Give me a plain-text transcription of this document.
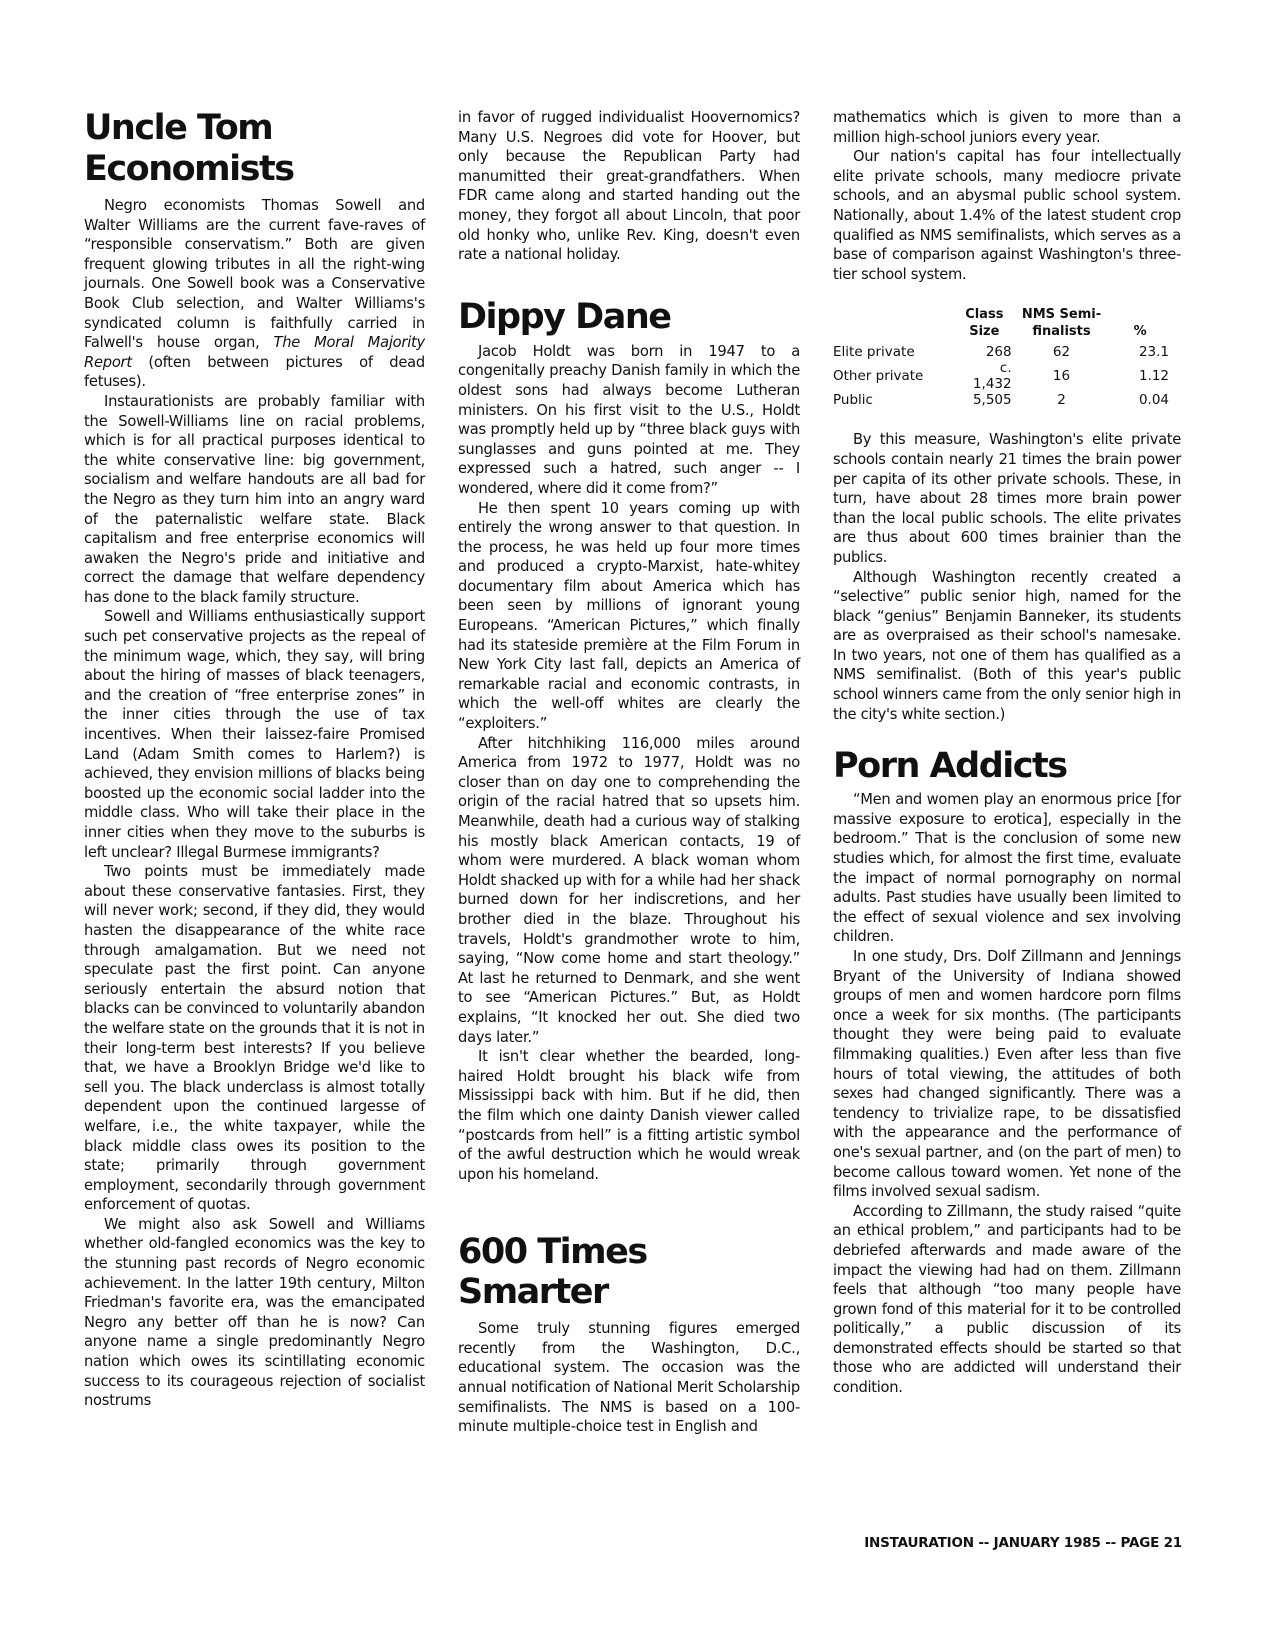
Uncle Tom
Economists

Negro economists Thomas Sowell and Walter Williams are the current fave-raves of “responsible conservatism.” Both are given frequent glowing tributes in all the right-wing journals. One Sowell book was a Conservative Book Club selection, and Walter Williams's syndicated column is faithfully carried in Falwell's house organ, The Moral Majority Report (often between pictures of dead fetuses).

Instaurationists are probably familiar with the Sowell-Williams line on racial problems, which is for all practical purposes identical to the white conservative line: big government, socialism and welfare handouts are all bad for the Negro as they turn him into an angry ward of the paternalistic welfare state. Black capitalism and free enterprise economics will awaken the Negro's pride and initiative and correct the damage that welfare dependency has done to the black family structure.

Sowell and Williams enthusiastically support such pet conservative projects as the repeal of the minimum wage, which, they say, will bring about the hiring of masses of black teenagers, and the creation of “free enterprise zones” in the inner cities through the use of tax incentives. When their laissez-faire Promised Land (Adam Smith comes to Harlem?) is achieved, they envision millions of blacks being boosted up the economic social ladder into the middle class. Who will take their place in the inner cities when they move to the suburbs is left unclear? Illegal Burmese immigrants?

Two points must be immediately made about these conservative fantasies. First, they will never work; second, if they did, they would hasten the disappearance of the white race through amalgamation. But we need not speculate past the first point. Can anyone seriously entertain the absurd notion that blacks can be convinced to voluntarily abandon the welfare state on the grounds that it is not in their long-term best interests? If you believe that, we have a Brooklyn Bridge we'd like to sell you. The black underclass is almost totally dependent upon the continued largesse of welfare, i.e., the white taxpayer, while the black middle class owes its position to the state; primarily through government employment, secondarily through government enforcement of quotas.

We might also ask Sowell and Williams whether old-fangled economics was the key to the stunning past records of Negro economic achievement. In the latter 19th century, Milton Friedman's favorite era, was the emancipated Negro any better off than he is now? Can anyone name a single predominantly Negro nation which owes its scintillating economic success to its courageous rejection of socialist nostrums

in favor of rugged individualist Hoovernomics? Many U.S. Negroes did vote for Hoover, but only because the Republican Party had manumitted their great-grandfathers. When FDR came along and started handing out the money, they forgot all about Lincoln, that poor old honky who, unlike Rev. King, doesn't even rate a national holiday.

Dippy Dane

Jacob Holdt was born in 1947 to a congenitally preachy Danish family in which the oldest sons had always become Lutheran ministers. On his first visit to the U.S., Holdt was promptly held up by “three black guys with sunglasses and guns pointed at me. They expressed such a hatred, such anger -- I wondered, where did it come from?”

He then spent 10 years coming up with entirely the wrong answer to that question. In the process, he was held up four more times and produced a crypto-Marxist, hate-whitey documentary film about America which has been seen by millions of ignorant young Europeans. “American Pictures,” which finally had its stateside première at the Film Forum in New York City last fall, depicts an America of remarkable racial and economic contrasts, in which the well-off whites are clearly the “exploiters.”

After hitchhiking 116,000 miles around America from 1972 to 1977, Holdt was no closer than on day one to comprehending the origin of the racial hatred that so upsets him. Meanwhile, death had a curious way of stalking his mostly black American contacts, 19 of whom were murdered. A black woman whom Holdt shacked up with for a while had her shack burned down for her indiscretions, and her brother died in the blaze. Throughout his travels, Holdt's grandmother wrote to him, saying, “Now come home and start theology.” At last he returned to Denmark, and she went to see “American Pictures.” But, as Holdt explains, “It knocked her out. She died two days later.”

It isn't clear whether the bearded, long-haired Holdt brought his black wife from Mississippi back with him. But if he did, then the film which one dainty Danish viewer called “postcards from hell” is a fitting artistic symbol of the awful destruction which he would wreak upon his homeland.

600 Times Smarter

Some truly stunning figures emerged recently from the Washington, D.C., educational system. The occasion was the annual notification of National Merit Scholarship semifinalists. The NMS is based on a 100-minute multiple-choice test in English and

mathematics which is given to more than a million high-school juniors every year.

Our nation's capital has four intellectually elite private schools, many mediocre private schools, and an abysmal public school system. Nationally, about 1.4% of the latest student crop qualified as NMS semifinalists, which serves as a base of comparison against Washington's three-tier school system.

	Class Size	NMS Semi-finalists	%
Elite private	268	62	23.1
Other private	c. 1,432	16	1.12
Public	5,505	2	0.04

By this measure, Washington's elite private schools contain nearly 21 times the brain power per capita of its other private schools. These, in turn, have about 28 times more brain power than the local public schools. The elite privates are thus about 600 times brainier than the publics.

Although Washington recently created a “selective” public senior high, named for the black “genius” Benjamin Banneker, its students are as overpraised as their school's namesake. In two years, not one of them has qualified as a NMS semifinalist. (Both of this year's public school winners came from the only senior high in the city's white section.)

Porn Addicts

“Men and women play an enormous price [for massive exposure to erotica], especially in the bedroom.” That is the conclusion of some new studies which, for almost the first time, evaluate the impact of normal pornography on normal adults. Past studies have usually been limited to the effect of sexual violence and sex involving children.

In one study, Drs. Dolf Zillmann and Jennings Bryant of the University of Indiana showed groups of men and women hardcore porn films once a week for six months. (The participants thought they were being paid to evaluate filmmaking qualities.) Even after less than five hours of total viewing, the attitudes of both sexes had changed significantly. There was a tendency to trivialize rape, to be dissatisfied with the appearance and the performance of one's sexual partner, and (on the part of men) to become callous toward women. Yet none of the films involved sexual sadism.

According to Zillmann, the study raised “quite an ethical problem,” and participants had to be debriefed afterwards and made aware of the impact the viewing had had on them. Zillmann feels that although “too many people have grown fond of this material for it to be controlled politically,” a public discussion of its demonstrated effects should be started so that those who are addicted will understand their condition.

INSTAURATION -- JANUARY 1985 -- PAGE 21
